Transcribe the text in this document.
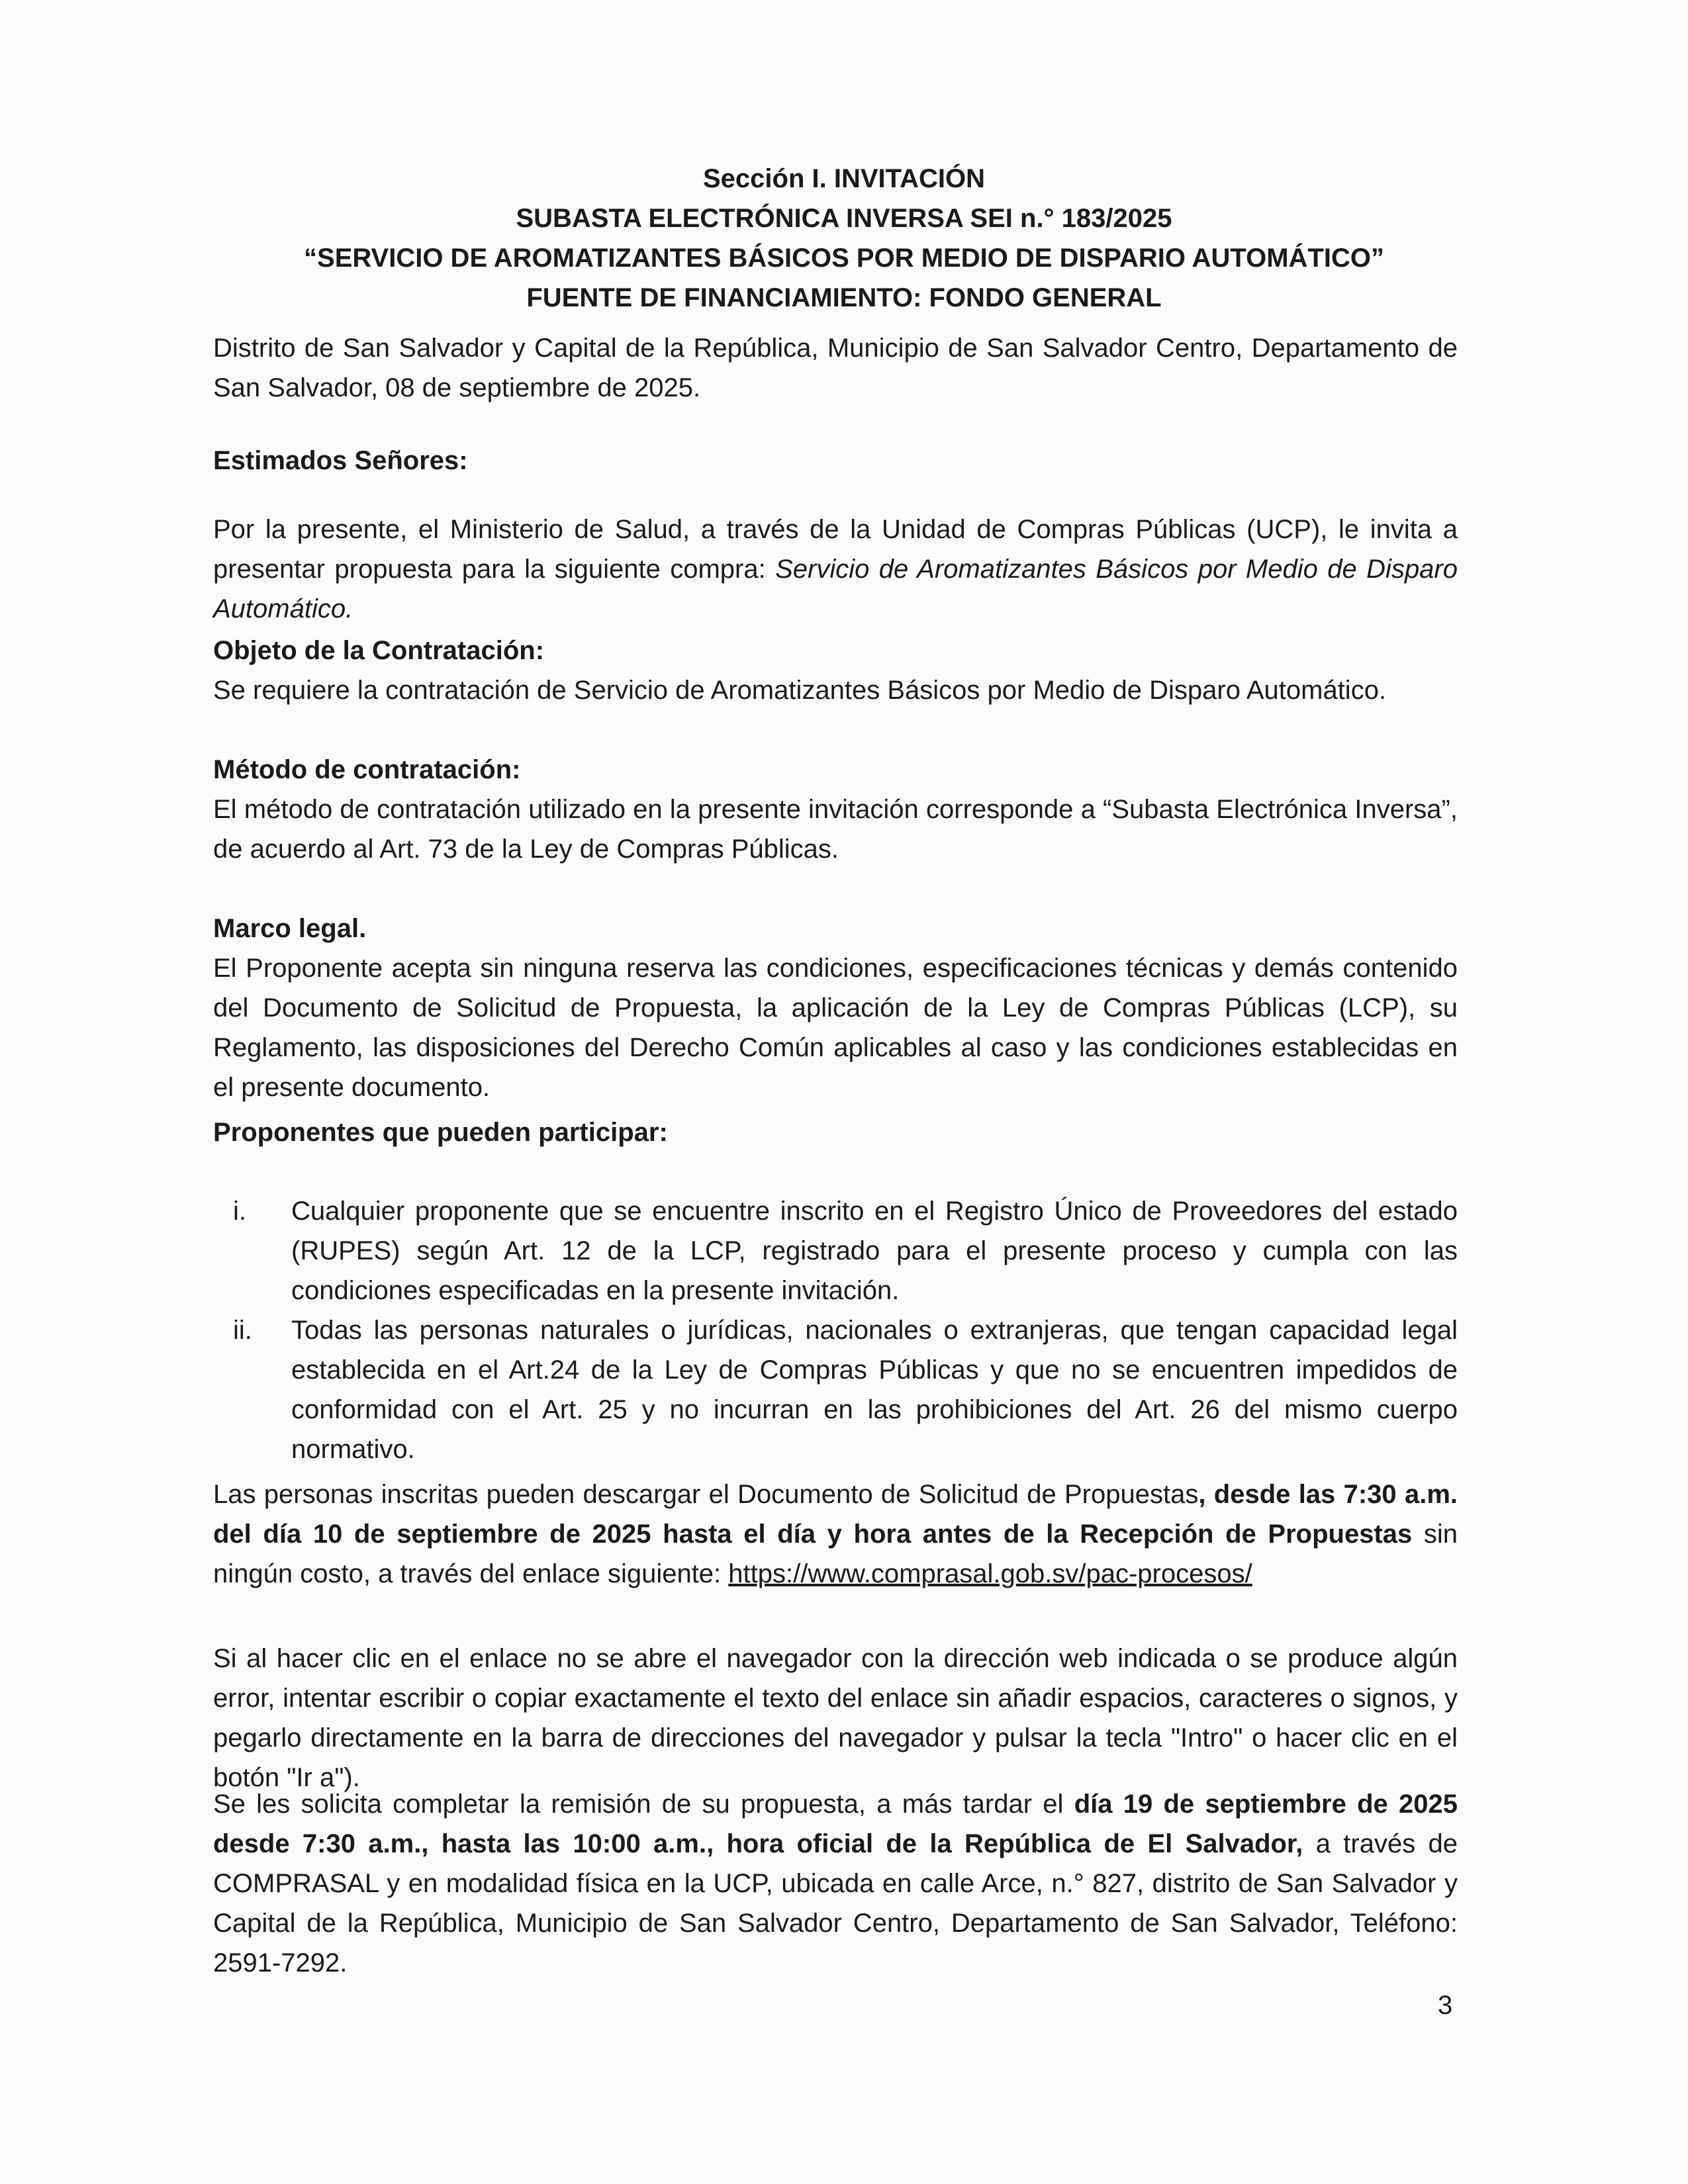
Sección I. INVITACIÓN
SUBASTA ELECTRÓNICA INVERSA SEI n.° 183/2025
“SERVICIO DE AROMATIZANTES BÁSICOS POR MEDIO DE DISPARIO AUTOMÁTICO”
FUENTE DE FINANCIAMIENTO: FONDO GENERAL
Distrito de San Salvador y Capital de la República, Municipio de San Salvador Centro, Departamento de San Salvador, 08 de septiembre de 2025.
Estimados Señores:
Por la presente, el Ministerio de Salud, a través de la Unidad de Compras Públicas (UCP), le invita a presentar propuesta para la siguiente compra: Servicio de Aromatizantes Básicos por Medio de Disparo Automático.
Objeto de la Contratación:
Se requiere la contratación de Servicio de Aromatizantes Básicos por Medio de Disparo Automático.
Método de contratación:
El método de contratación utilizado en la presente invitación corresponde a “Subasta Electrónica Inversa”, de acuerdo al Art. 73 de la Ley de Compras Públicas.
Marco legal.
El Proponente acepta sin ninguna reserva las condiciones, especificaciones técnicas y demás contenido del Documento de Solicitud de Propuesta, la aplicación de la Ley de Compras Públicas (LCP), su Reglamento, las disposiciones del Derecho Común aplicables al caso y las condiciones establecidas en el presente documento.
Proponentes que pueden participar:
i. Cualquier proponente que se encuentre inscrito en el Registro Único de Proveedores del estado (RUPES) según Art. 12 de la LCP, registrado para el presente proceso y cumpla con las condiciones especificadas en la presente invitación.
ii. Todas las personas naturales o jurídicas, nacionales o extranjeras, que tengan capacidad legal establecida en el Art.24 de la Ley de Compras Públicas y que no se encuentren impedidos de conformidad con el Art. 25 y no incurran en las prohibiciones del Art. 26 del mismo cuerpo normativo.
Las personas inscritas pueden descargar el Documento de Solicitud de Propuestas, desde las 7:30 a.m. del día 10 de septiembre de 2025 hasta el día y hora antes de la Recepción de Propuestas sin ningún costo, a través del enlace siguiente: https://www.comprasal.gob.sv/pac-procesos/
Si al hacer clic en el enlace no se abre el navegador con la dirección web indicada o se produce algún error, intentar escribir o copiar exactamente el texto del enlace sin añadir espacios, caracteres o signos, y pegarlo directamente en la barra de direcciones del navegador y pulsar la tecla "Intro" o hacer clic en el botón "Ir a").
Se les solicita completar la remisión de su propuesta, a más tardar el día 19 de septiembre de 2025 desde 7:30 a.m., hasta las 10:00 a.m., hora oficial de la República de El Salvador, a través de COMPRASAL y en modalidad física en la UCP, ubicada en calle Arce, n.° 827, distrito de San Salvador y Capital de la República, Municipio de San Salvador Centro, Departamento de San Salvador, Teléfono: 2591-7292.
3
